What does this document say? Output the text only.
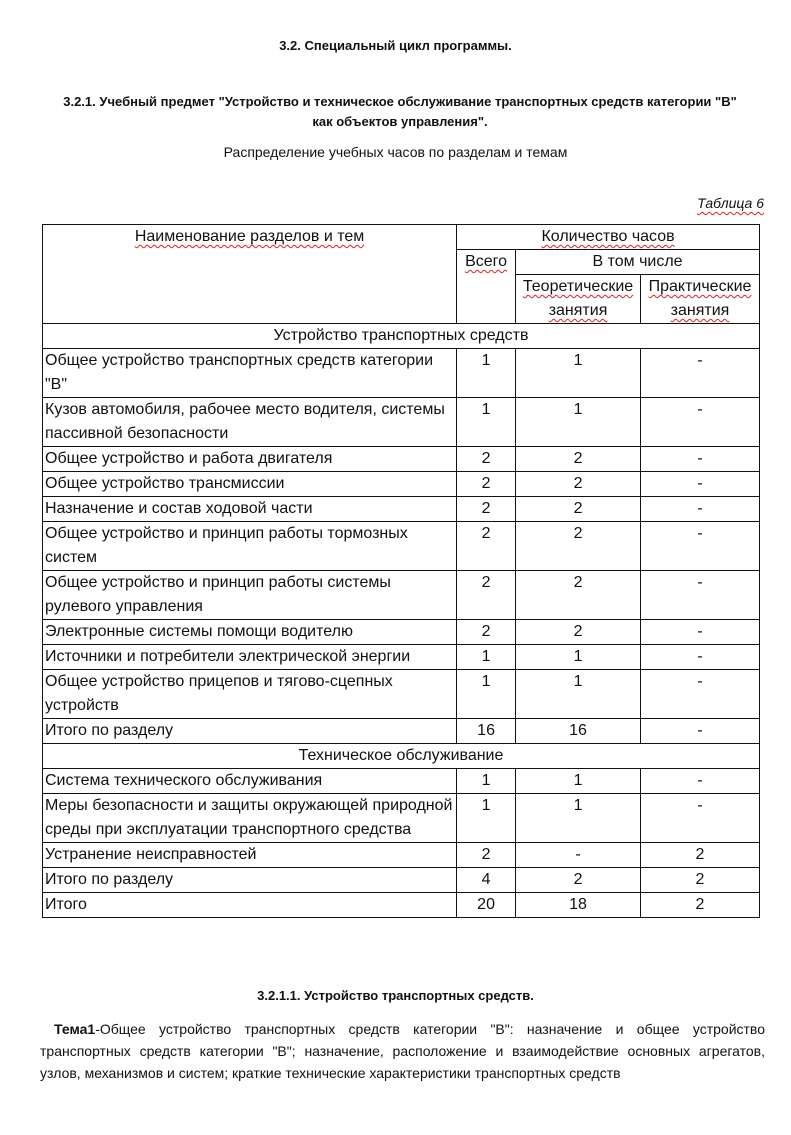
3.2. Специальный цикл программы.
3.2.1. Учебный предмет "Устройство и техническое обслуживание транспортных средств категории "B" как объектов управления".
Распределение учебных часов по разделам и темам
Таблица 6
Наименование разделов и тем	Количество часов		
	Всего	В том числе	
		Теоретические занятия	Практические занятия
Устройство транспортных средств			
Общее устройство транспортных средств категории "B"	1	1	-
Кузов автомобиля, рабочее место водителя, системы пассивной безопасности	1	1	-
Общее устройство и работа двигателя	2	2	-
Общее устройство трансмиссии	2	2	-
Назначение и состав ходовой части	2	2	-
Общее устройство и принцип работы тормозных систем	2	2	-
Общее устройство и принцип работы системы рулевого управления	2	2	-
Электронные системы помощи водителю	2	2	-
Источники и потребители электрической энергии	1	1	-
Общее устройство прицепов и тягово-сцепных устройств	1	1	-
Итого по разделу	16	16	-
Техническое обслуживание			
Система технического обслуживания	1	1	-
Меры безопасности и защиты окружающей природной среды при эксплуатации транспортного средства	1	1	-
Устранение неисправностей	2	-	2
Итого по разделу	4	2	2
Итого	20	18	2
3.2.1.1. Устройство транспортных средств.
Тема1-Общее устройство транспортных средств категории "B": назначение и общее устройство транспортных средств категории "B"; назначение, расположение и взаимодействие основных агрегатов, узлов, механизмов и систем; краткие технические характеристики транспортных средств
